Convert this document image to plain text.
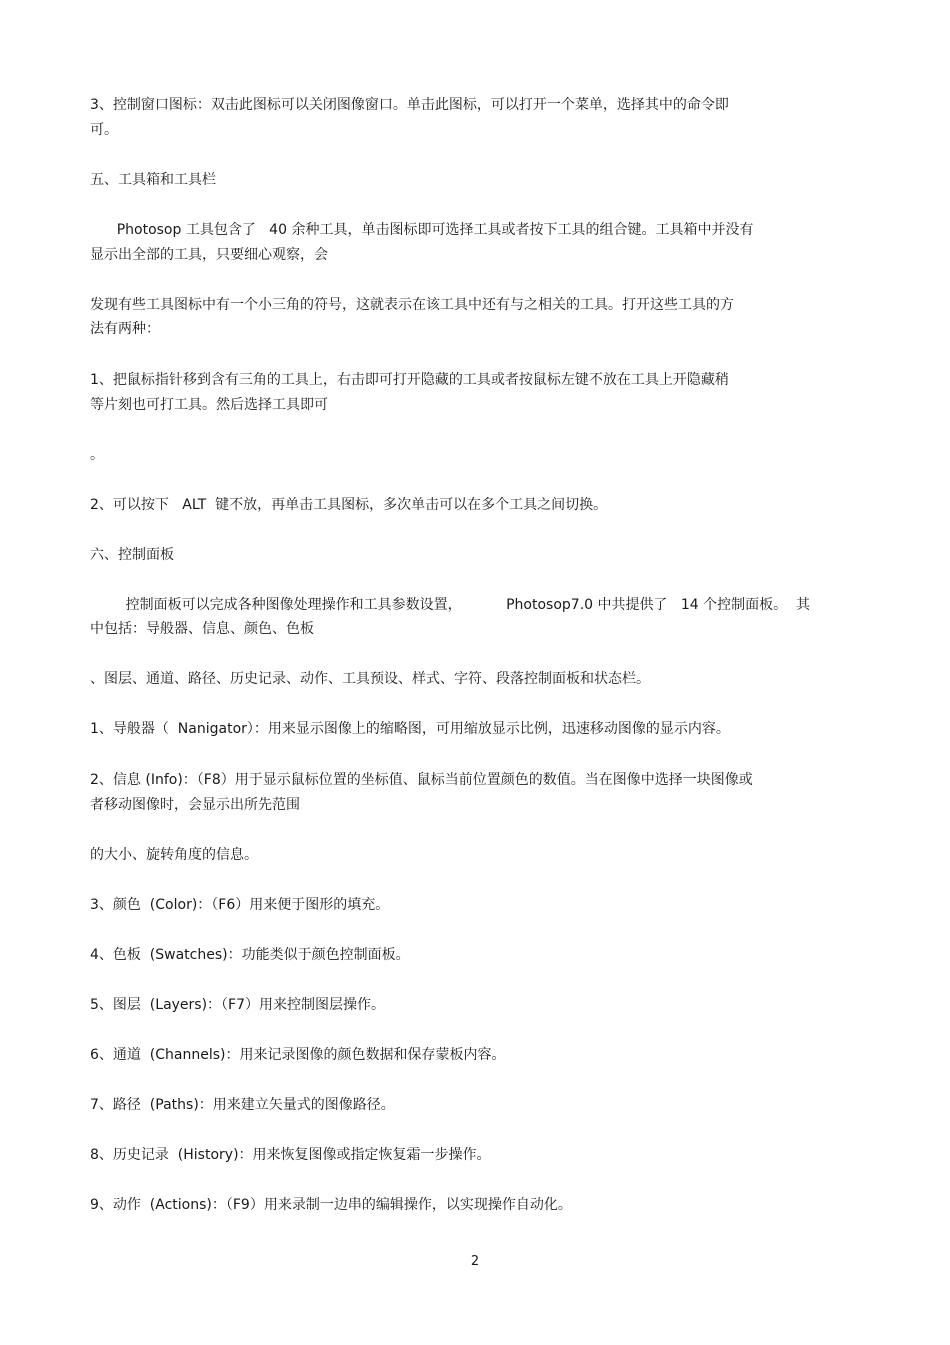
3、控制窗口图标：双击此图标可以关闭图像窗口。单击此图标，可以打开一个菜单，选择其中的命令即
可。
五、工具箱和工具栏
Photosop 工具包含了   40 余种工具，单击图标即可选择工具或者按下工具的组合键。工具箱中并没有
显示出全部的工具，只要细心观察，会
发现有些工具图标中有一个小三角的符号，这就表示在该工具中还有与之相关的工具。打开这些工具的方
法有两种：
1、把鼠标指针移到含有三角的工具上，右击即可打开隐藏的工具或者按鼠标左键不放在工具上开隐藏稍
等片刻也可打工具。然后选择工具即可
。
2、可以按下   ALT  键不放，再单击工具图标，多次单击可以在多个工具之间切换。
六、控制面板
控制面板可以完成各种图像处理操作和工具参数设置，          Photosop7.0 中共提供了   14 个控制面板。  其
中包括：导般器、信息、颜色、色板
、图层、通道、路径、历史记录、动作、工具预设、样式、字符、段落控制面板和状态栏。
1、导般器（  Nanigator）：用来显示图像上的缩略图，可用缩放显示比例，迅速移动图像的显示内容。
2、信息 (Info)：（F8）用于显示鼠标位置的坐标值、鼠标当前位置颜色的数值。当在图像中选择一块图像或
者移动图像时，会显示出所先范围
的大小、旋转角度的信息。
3、颜色  (Color)：（F6）用来便于图形的填充。
4、色板  (Swatches)：功能类似于颜色控制面板。
5、图层  (Layers)：（F7）用来控制图层操作。
6、通道  (Channels)：用来记录图像的颜色数据和保存蒙板内容。
7、路径  (Paths)：用来建立矢量式的图像路径。
8、历史记录  (History)：用来恢复图像或指定恢复霜一步操作。
9、动作  (Actions)：（F9）用来录制一边串的编辑操作，以实现操作自动化。
2
